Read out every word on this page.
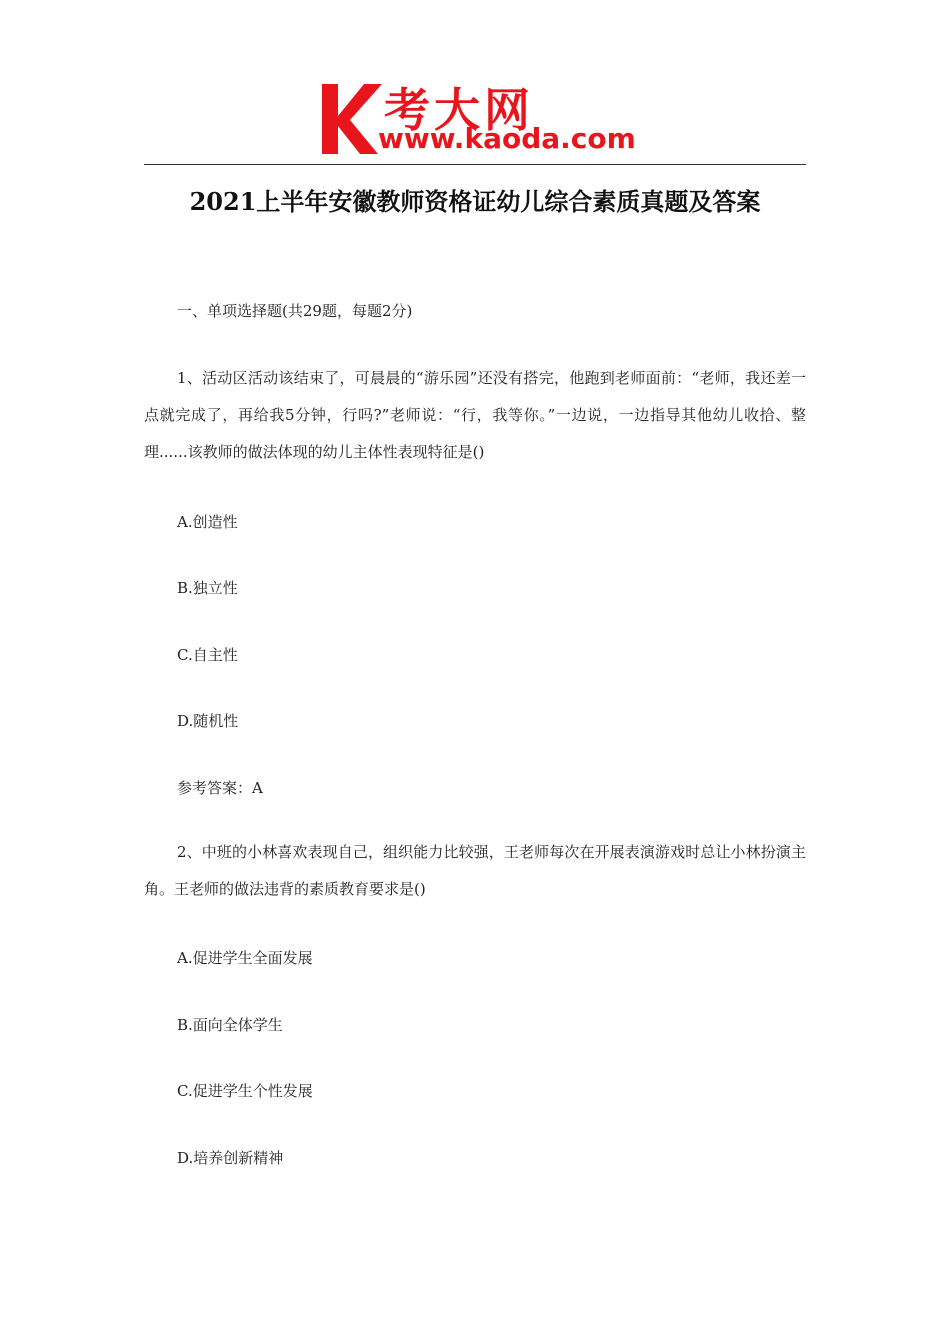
考大网
www.kaoda.com
2021上半年安徽教师资格证幼儿综合素质真题及答案
一、单项选择题(共29题，每题2分)
1、活动区活动该结束了，可晨晨的“游乐园”还没有搭完，他跑到老师面前：“老师，我还差一点就完成了，再给我5分钟，行吗?”老师说：“行，我等你。”一边说，一边指导其他幼儿收拾、整理......该教师的做法体现的幼儿主体性表现特征是()
A.创造性
B.独立性
C.自主性
D.随机性
参考答案：A
2、中班的小林喜欢表现自己，组织能力比较强，王老师每次在开展表演游戏时总让小林扮演主角。王老师的做法违背的素质教育要求是()
A.促进学生全面发展
B.面向全体学生
C.促进学生个性发展
D.培养创新精神
